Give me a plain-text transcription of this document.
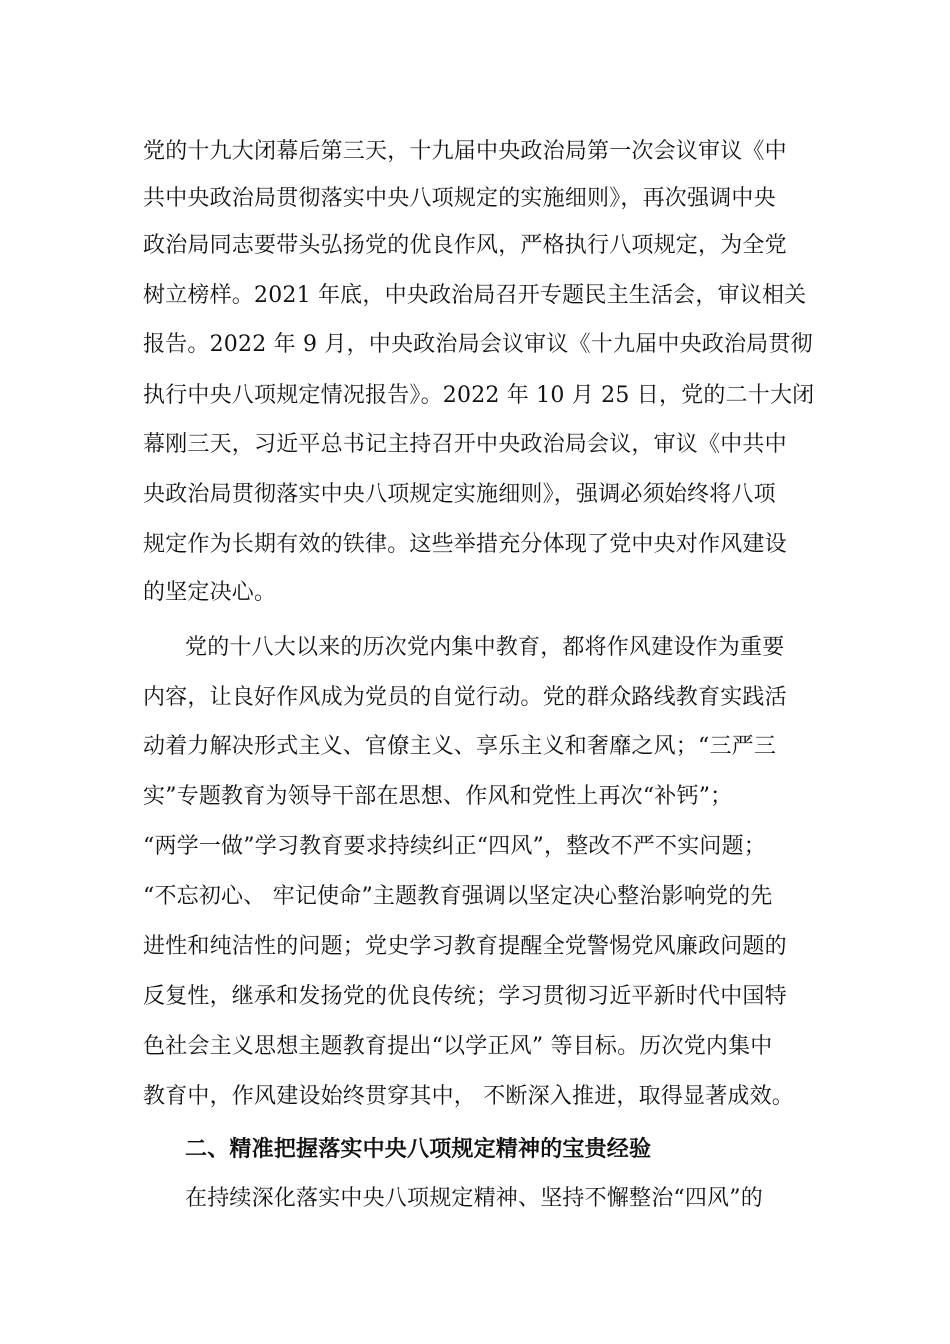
党的十九大闭幕后第三天，十九届中央政治局第一次会议审议《中
共中央政治局贯彻落实中央八项规定的实施细则》，再次强调中央
政治局同志要带头弘扬党的优良作风，严格执行八项规定，为全党
树立榜样。2021 年底，中央政治局召开专题民主生活会，审议相关
报告。2022 年 9 月，中央政治局会议审议《十九届中央政治局贯彻
执行中央八项规定情况报告》。2022 年 10 月 25 日，党的二十大闭
幕刚三天，习近平总书记主持召开中央政治局会议，审议《中共中
央政治局贯彻落实中央八项规定实施细则》，强调必须始终将八项
规定作为长期有效的铁律。这些举措充分体现了党中央对作风建设
的坚定决心。
党的十八大以来的历次党内集中教育，都将作风建设作为重要
内容，让良好作风成为党员的自觉行动。党的群众路线教育实践活
动着力解决形式主义、官僚主义、享乐主义和奢靡之风；“三严三
实”专题教育为领导干部在思想、作风和党性上再次“补钙”；
“两学一做”学习教育要求持续纠正“四风”，整改不严不实问题；
“不忘初心、 牢记使命”主题教育强调以坚定决心整治影响党的先
进性和纯洁性的问题；党史学习教育提醒全党警惕党风廉政问题的
反复性，继承和发扬党的优良传统；学习贯彻习近平新时代中国特
色社会主义思想主题教育提出“以学正风” 等目标。历次党内集中
教育中，作风建设始终贯穿其中， 不断深入推进，取得显著成效。
二、精准把握落实中央八项规定精神的宝贵经验
在持续深化落实中央八项规定精神、坚持不懈整治“四风”的
